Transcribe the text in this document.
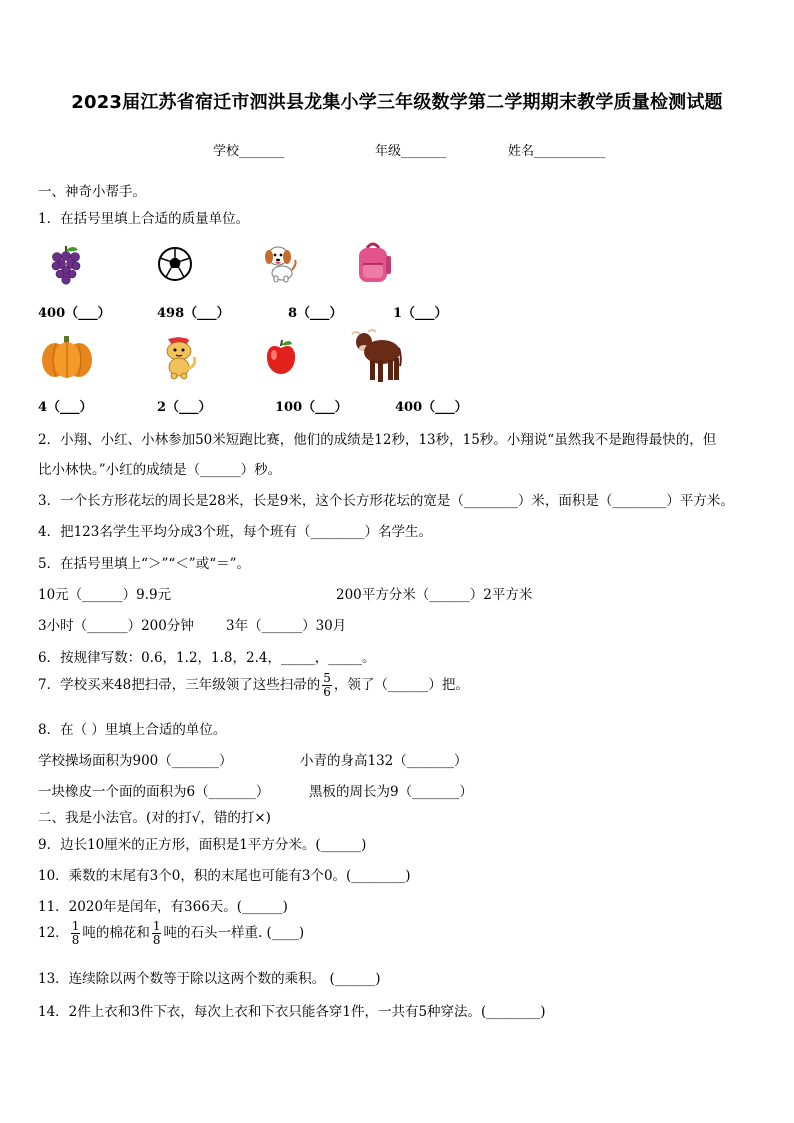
2023届江苏省宿迁市泗洪县龙集小学三年级数学第二学期期末教学质量检测试题
学校_______	年级_______	姓名___________
一、神奇小帮手。
1．在括号里填上合适的质量单位。
400（___）	498（___）	8（___）	1（___）
4（___）	2（___）	100（___）	400（___）
2．小翔、小红、小林参加50米短跑比赛，他们的成绩是12秒，13秒，15秒。小翔说“虽然我不是跑得最快的，但
比小林快。”小红的成绩是（______）秒。
3．一个长方形花坛的周长是28米，长是9米，这个长方形花坛的宽是（________）米，面积是（________）平方米。
4．把123名学生平均分成3个班，每个班有（________）名学生。
5．在括号里填上“＞”“＜”或“＝”。
10元（______）9.9元	200平方分米（______）2平方米
3小时（______）200分钟 3年（______）30月
6．按规律写数：0.6，1.2，1.8，2.4，_____，_____。
7．学校买来48把扫帚，三年级领了这些扫帚的 $\frac{5}{6}$ ，领了（______）把。
8．在（ ）里填上合适的单位。
学校操场面积为900（_______）	小青的身高132（_______）
一块橡皮一个面的面积为6（_______）	黑板的周长为9（_______）
二、我是小法官。(对的打√，错的打×)
9．边长10厘米的正方形，面积是1平方分米。(______)
10．乘数的末尾有3个0，积的末尾也可能有3个0。(________)
11．2020年是闰年，有366天。(______)
12． $\frac{1}{8}$ 吨的棉花和 $\frac{1}{8}$ 吨的石头一样重. (____)
13．连续除以两个数等于除以这两个数的乘积。 (______)
14．2件上衣和3件下衣，每次上衣和下衣只能各穿1件，一共有5种穿法。(________)
